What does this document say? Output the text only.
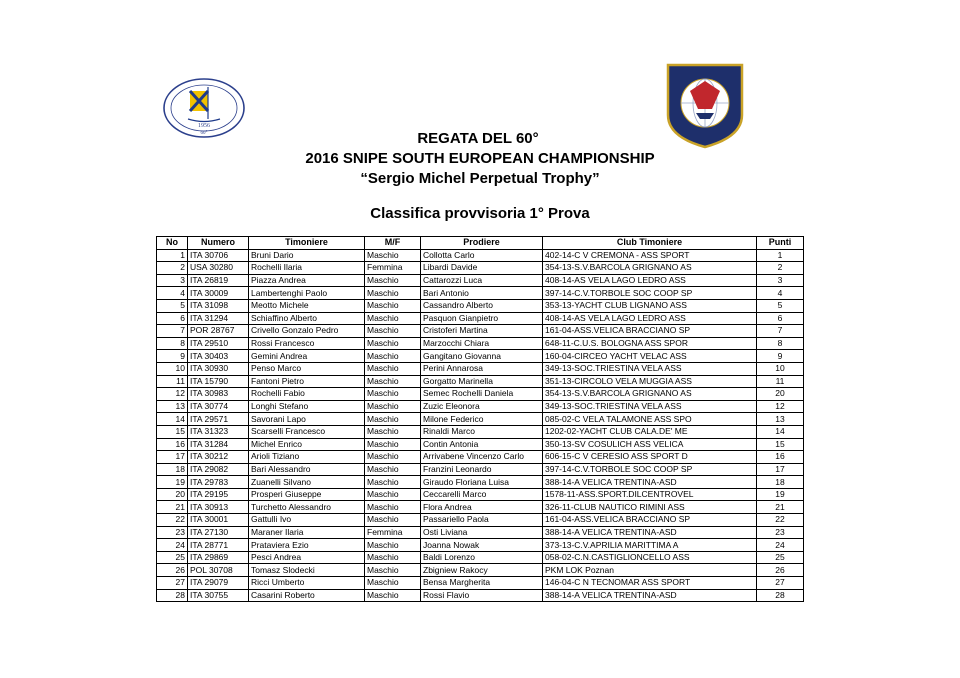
1956
60°	REGATA DEL 60°
2016 SNIPE SOUTH EUROPEAN CHAMPIONSHIP
“Sergio Michel Perpetual Trophy”
Classifica provvisoria 1° Prova
No	Numero	Timoniere	M/F	Prodiere	Club Timoniere	Punti
1	ITA 30706	Bruni Dario	Maschio	Collotta Carlo	402-14-C V CREMONA - ASS SPORT	1
2	USA 30280	Rochelli Ilaria	Femmina	Libardi Davide	354-13-S.V.BARCOLA GRIGNANO AS	2
3	ITA 26819	Piazza Andrea	Maschio	Cattarozzi Luca	408-14-AS VELA LAGO LEDRO ASS	3
4	ITA 30009	Lambertenghi Paolo	Maschio	Bari Antonio	397-14-C.V.TORBOLE SOC COOP SP	4
5	ITA 31098	Meotto Michele	Maschio	Cassandro Alberto	353-13-YACHT CLUB LIGNANO ASS	5
6	ITA 31294	Schiaffino Alberto	Maschio	Pasquon Gianpietro	408-14-AS VELA LAGO LEDRO ASS	6
7	POR 28767	Crivello Gonzalo Pedro	Maschio	Cristoferi Martina	161-04-ASS.VELICA BRACCIANO SP	7
8	ITA 29510	Rossi Francesco	Maschio	Marzocchi Chiara	648-11-C.U.S. BOLOGNA ASS SPOR	8
9	ITA 30403	Gemini Andrea	Maschio	Gangitano Giovanna	160-04-CIRCEO YACHT VELAC ASS	9
10	ITA 30930	Penso Marco	Maschio	Perini Annarosa	349-13-SOC.TRIESTINA VELA ASS	10
11	ITA 15790	Fantoni Pietro	Maschio	Gorgatto Marinella	351-13-CIRCOLO VELA MUGGIA ASS	11
12	ITA 30983	Rochelli Fabio	Maschio	Semec Rochelli Daniela	354-13-S.V.BARCOLA GRIGNANO AS	20
13	ITA 30774	Longhi Stefano	Maschio	Zuzic Eleonora	349-13-SOC.TRIESTINA VELA ASS	12
14	ITA 29571	Savorani Lapo	Maschio	Milone Federico	085-02-C VELA TALAMONE ASS SPO	13
15	ITA 31323	Scarselli Francesco	Maschio	Rinaldi Marco	1202-02-YACHT CLUB CALA.DE' ME	14
16	ITA 31284	Michel Enrico	Maschio	Contin Antonia	350-13-SV COSULICH ASS VELICA	15
17	ITA 30212	Arioli Tiziano	Maschio	Arrivabene Vincenzo Carlo	606-15-C V CERESIO ASS SPORT D	16
18	ITA 29082	Bari Alessandro	Maschio	Franzini Leonardo	397-14-C.V.TORBOLE SOC COOP SP	17
19	ITA 29783	Zuanelli Silvano	Maschio	Giraudo Floriana Luisa	388-14-A VELICA TRENTINA-ASD	18
20	ITA 29195	Prosperi Giuseppe	Maschio	Ceccarelli Marco	1578-11-ASS.SPORT.DILCENTROVEL	19
21	ITA 30913	Turchetto Alessandro	Maschio	Flora Andrea	326-11-CLUB NAUTICO RIMINI ASS	21
22	ITA 30001	Gattulli Ivo	Maschio	Passariello Paola	161-04-ASS.VELICA BRACCIANO SP	22
23	ITA 27130	Maraner Ilaria	Femmina	Osti Liviana	388-14-A VELICA TRENTINA-ASD	23
24	ITA 28771	Prataviera Ezio	Maschio	Joanna Nowak	373-13-C.V.APRILIA MARITTIMA A	24
25	ITA 29869	Pesci Andrea	Maschio	Baldi Lorenzo	058-02-C.N.CASTIGLIONCELLO ASS	25
26	POL 30708	Tomasz Slodecki	Maschio	Zbigniew Rakocy	PKM LOK Poznan	26
27	ITA 29079	Ricci Umberto	Maschio	Bensa Margherita	146-04-C N TECNOMAR ASS SPORT	27
28	ITA 30755	Casarini Roberto	Maschio	Rossi Flavio	388-14-A VELICA TRENTINA-ASD	28
